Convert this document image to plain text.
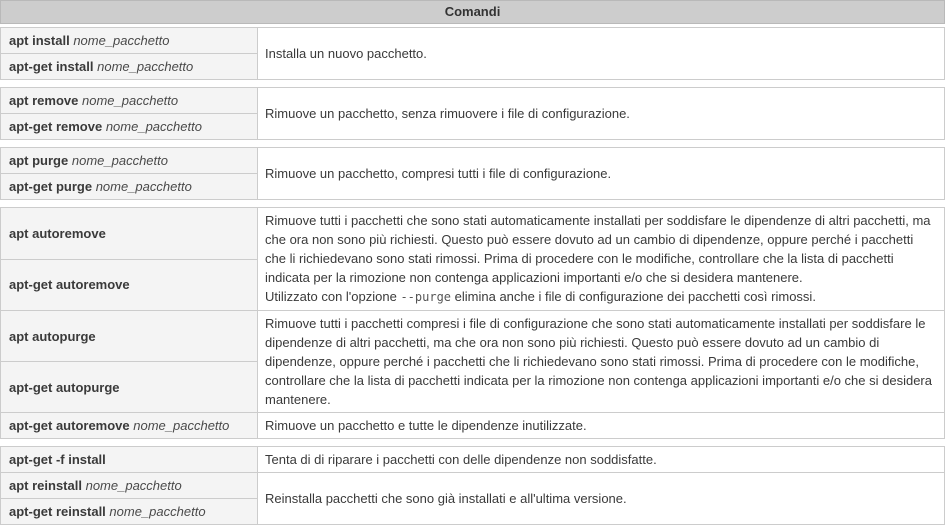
Comandi
apt install nome_pacchetto	Installa un nuovo pacchetto.
apt-get install nome_pacchetto
apt remove nome_pacchetto	Rimuove un pacchetto, senza rimuovere i file di configurazione.
apt-get remove nome_pacchetto
apt purge nome_pacchetto	Rimuove un pacchetto, compresi tutti i file di configurazione.
apt-get purge nome_pacchetto
apt autoremove	Rimuove tutti i pacchetti che sono stati automaticamente installati per soddisfare le dipendenze di altri pacchetti, ma che ora non sono più richiesti. Questo può essere dovuto ad un cambio di dipendenze, oppure perché i pacchetti che li richiedevano sono stati rimossi. Prima di procedere con le modifiche, controllare che la lista di pacchetti indicata per la rimozione non contenga applicazioni importanti e/o che si desidera mantenere.
Utilizzato con l'opzione --purge elimina anche i file di configurazione dei pacchetti così rimossi.
apt-get autoremove	
apt autopurge	Rimuove tutti i pacchetti compresi i file di configurazione che sono stati automaticamente installati per soddisfare le dipendenze di altri pacchetti, ma che ora non sono più richiesti. Questo può essere dovuto ad un cambio di dipendenze, oppure perché i pacchetti che li richiedevano sono stati rimossi. Prima di procedere con le modifiche, controllare che la lista di pacchetti indicata per la rimozione non contenga applicazioni importanti e/o che si desidera mantenere.
apt-get autopurge	
apt-get autoremove nome_pacchetto	Rimuove un pacchetto e tutte le dipendenze inutilizzate.
apt-get -f install	Tenta di di riparare i pacchetti con delle dipendenze non soddisfatte.
apt reinstall nome_pacchetto	Reinstalla pacchetti che sono già installati e all'ultima versione.
apt-get reinstall nome_pacchetto	
